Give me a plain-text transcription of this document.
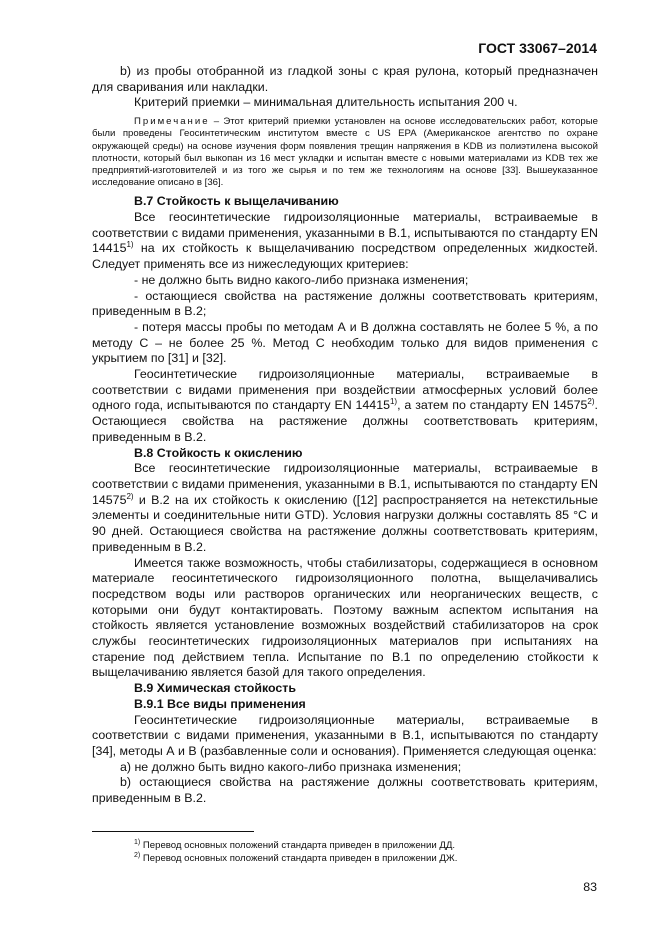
ГОСТ 33067–2014

b) из пробы отобранной из гладкой зоны с края рулона, который предназначен для сваривания или накладки.

Критерий приемки – минимальная длительность испытания 200 ч.

Примечание – Этот критерий приемки установлен на основе исследовательских работ, которые были проведены Геосинтетическим институтом вместе с US EPA (Американское агентство по охране окружающей среды) на основе изучения форм появления трещин напряжения в KDB из полиэтилена высокой плотности, который был выкопан из 16 мест укладки и испытан вместе с новыми материалами из KDB тех же предприятий-изготовителей и из того же сырья и по тем же технологиям на основе [33]. Вышеуказанное исследование описано в [36].

В.7 Стойкость к выщелачиванию

Все геосинтетические гидроизоляционные материалы, встраиваемые в соответствии с видами применения, указанными в В.1, испытываются по стандарту EN 14415$^{1)}$ на их стойкость к выщелачиванию посредством определенных жидкостей. Следует применять все из нижеследующих критериев:

- не должно быть видно какого-либо признака изменения;

- остающиеся свойства на растяжение должны соответствовать критериям, приведенным в В.2;

- потеря массы пробы по методам А и В должна составлять не более 5 %, а по методу С – не более 25 %. Метод С необходим только для видов применения с укрытием по [31] и [32].

Геосинтетические гидроизоляционные материалы, встраиваемые в соответствии с видами применения при воздействии атмосферных условий более одного года, испытываются по стандарту EN 14415$^{1)}$, а затем по стандарту EN 14575$^{2)}$. Остающиеся свойства на растяжение должны соответствовать критериям, приведенным в В.2.

В.8 Стойкость к окислению

Все геосинтетические гидроизоляционные материалы, встраиваемые в соответствии с видами применения, указанными в В.1, испытываются по стандарту EN 14575$^{2)}$ и В.2 на их стойкость к окислению ([12] распространяется на нетекстильные элементы и соединительные нити GTD). Условия нагрузки должны составлять 85 °С и 90 дней. Остающиеся свойства на растяжение должны соответствовать критериям, приведенным в В.2.

Имеется также возможность, чтобы стабилизаторы, содержащиеся в основном материале геосинтетического гидроизоляционного полотна, выщелачивались посредством воды или растворов органических или неорганических веществ, с которыми они будут контактировать. Поэтому важным аспектом испытания на стойкость является установление возможных воздействий стабилизаторов на срок службы геосинтетических гидроизоляционных материалов при испытаниях на старение под действием тепла. Испытание по В.1 по определению стойкости к выщелачиванию является базой для такого определения.

В.9 Химическая стойкость

В.9.1 Все виды применения

Геосинтетические гидроизоляционные материалы, встраиваемые в соответствии с видами применения, указанными в В.1, испытываются по стандарту [34], методы А и В (разбавленные соли и основания). Применяется следующая оценка:

а) не должно быть видно какого-либо признака изменения;

b) остающиеся свойства на растяжение должны соответствовать критериям, приведенным в В.2.

$^{1)}$ Перевод основных положений стандарта приведен в приложении ДД.
$^{2)}$ Перевод основных положений стандарта приведен в приложении ДЖ.
83
